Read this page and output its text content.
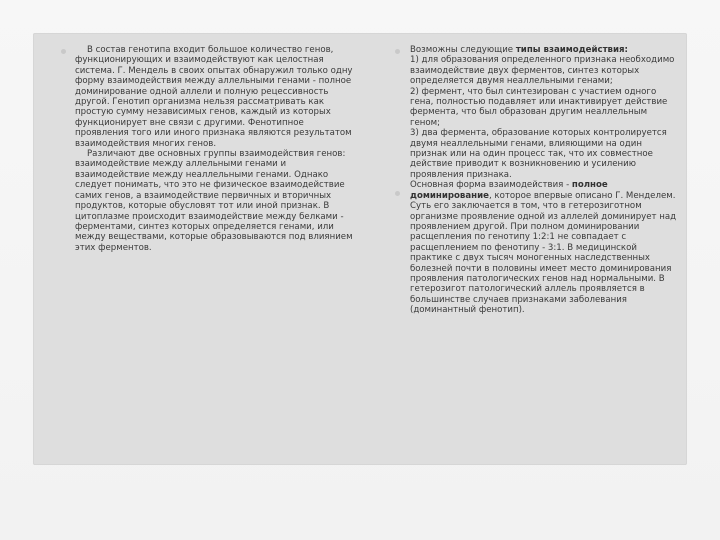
В состав генотипа входит большое количество генов, функционирующих и взаимодействуют как целостная система. Г. Мендель в своих опытах обнаружил только одну форму взаимодействия между аллельными генами - полное доминирование одной аллели и полную рецессивность другой. Генотип организма нельзя рассматривать как простую сумму независимых генов, каждый из которых функционирует вне связи с другими. Фенотипное проявления того или иного признака являются результатом взаимодействия многих генов.

Различают две основных группы взаимодействия генов: взаимодействие между аллельными генами и взаимодействие между неаллельными генами. Однако следует понимать, что это не физическое взаимодействие самих генов, а взаимодействие первичных и вторичных продуктов, которые обусловят тот или иной признак. В цитоплазме происходит взаимодействие между белками - ферментами, синтез которых определяется генами, или между веществами, которые образовываются под влиянием этих ферментов.

Возможны следующие типы взаимодействия:

1) для образования определенного признака необходимо взаимодействие двух ферментов, синтез которых определяется двумя неаллельными генами;

2) фермент, что был синтезирован с участием одного гена, полностью подавляет или инактивирует действие фермента, что был образован другим неаллельным геном;

3) два фермента, образование которых контролируется двумя неаллельными генами, влияющими на один признак или на один процесс так, что их совместное действие приводит к возникновению и усилению проявления признака.

Основная форма взаимодействия - полное доминирование, которое впервые описано Г. Менделем. Суть его заключается в том, что в гетерозиготном организме проявление одной из аллелей доминирует над проявлением другой. При полном доминировании расщепления по генотипу 1:2:1 не совпадает с расщеплением по фенотипу - 3:1. В медицинской практике с двух тысяч моногенных наследственных болезней почти в половины имеет место доминирования проявления патологических генов над нормальными. В гетерозигот патологический аллель проявляется в большинстве случаев признаками заболевания (доминантный фенотип).
